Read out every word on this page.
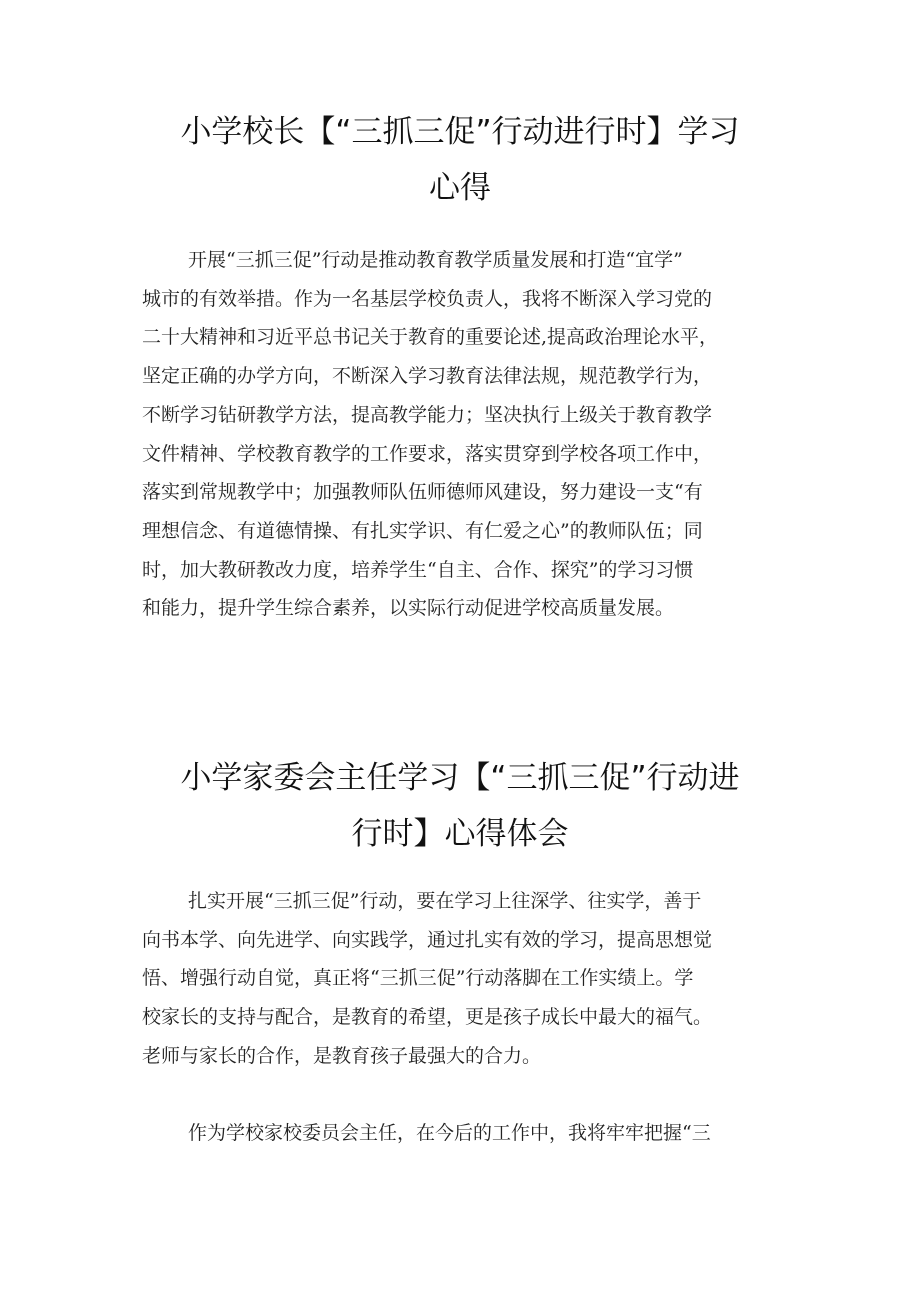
小学校长【“三抓三促”行动进行时】学习
心得

开展“三抓三促”行动是推动教育教学质量发展和打造“宜学”
城市的有效举措。作为一名基层学校负责人，我将不断深入学习党的
二十大精神和习近平总书记关于教育的重要论述,提高政治理论水平，
坚定正确的办学方向，不断深入学习教育法律法规，规范教学行为，
不断学习钻研教学方法，提高教学能力；坚决执行上级关于教育教学
文件精神、学校教育教学的工作要求，落实贯穿到学校各项工作中，
落实到常规教学中；加强教师队伍师德师风建设，努力建设一支“有
理想信念、有道德情操、有扎实学识、有仁爱之心”的教师队伍；同
时，加大教研教改力度，培养学生“自主、合作、探究”的学习习惯
和能力，提升学生综合素养，以实际行动促进学校高质量发展。

小学家委会主任学习【“三抓三促”行动进
行时】心得体会

扎实开展“三抓三促”行动，要在学习上往深学、往实学，善于
向书本学、向先进学、向实践学，通过扎实有效的学习，提高思想觉
悟、增强行动自觉，真正将“三抓三促”行动落脚在工作实绩上。学
校家长的支持与配合，是教育的希望，更是孩子成长中最大的福气。
老师与家长的合作，是教育孩子最强大的合力。

作为学校家校委员会主任，在今后的工作中，我将牢牢把握“三
